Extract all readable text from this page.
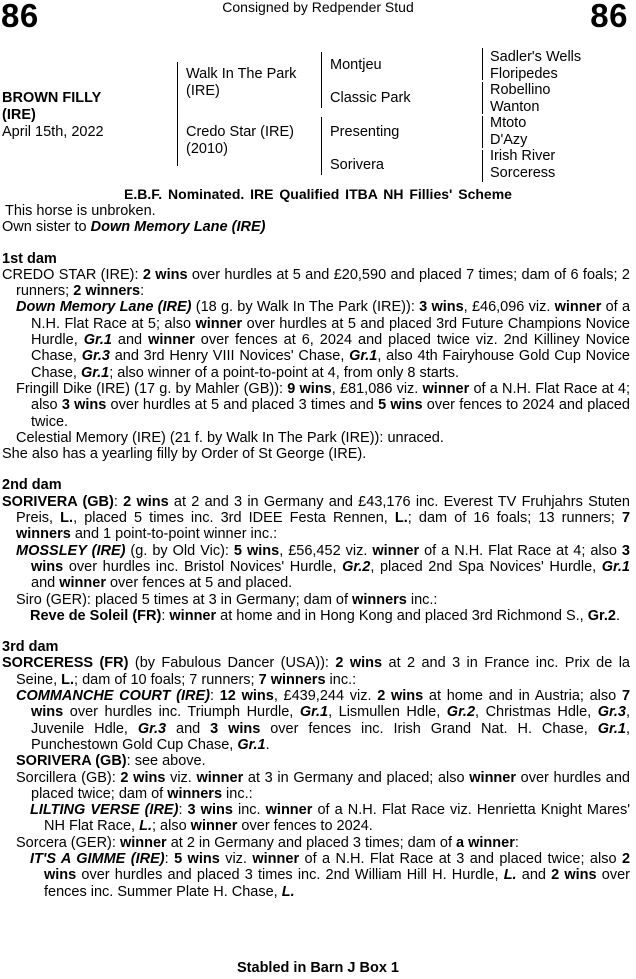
86	Consigned by Redpender Stud	86
BROWN FILLY
(IRE)
April 15th, 2022
Walk In The Park
(IRE)
Credo Star (IRE)
(2010)
Montjeu
Classic Park
Presenting
Sorivera
Sadler's Wells
Floripedes
Robellino
Wanton
Mtoto
D'Azy
Irish River
Sorceress
E.B.F. Nominated. IRE Qualified ITBA NH Fillies' Scheme

This horse is unbroken.

Own sister to Down Memory Lane (IRE)

1st dam

CREDO STAR (IRE): 2 wins over hurdles at 5 and £20,590 and placed 7 times; dam of 6 foals; 2 runners; 2 winners:

Down Memory Lane (IRE) (18 g. by Walk In The Park (IRE)): 3 wins, £46,096 viz. winner of a N.H. Flat Race at 5; also winner over hurdles at 5 and placed 3rd Future Champions Novice Hurdle, Gr.1 and winner over fences at 6, 2024 and placed twice viz. 2nd Killiney Novice Chase, Gr.3 and 3rd Henry VIII Novices' Chase, Gr.1, also 4th Fairyhouse Gold Cup Novice Chase, Gr.1; also winner of a point-to-point at 4, from only 8 starts.

Fringill Dike (IRE) (17 g. by Mahler (GB)): 9 wins, £81,086 viz. winner of a N.H. Flat Race at 4; also 3 wins over hurdles at 5 and placed 3 times and 5 wins over fences to 2024 and placed twice.

Celestial Memory (IRE) (21 f. by Walk In The Park (IRE)): unraced.

She also has a yearling filly by Order of St George (IRE).

2nd dam

SORIVERA (GB): 2 wins at 2 and 3 in Germany and £43,176 inc. Everest TV Fruhjahrs Stuten Preis, L., placed 5 times inc. 3rd IDEE Festa Rennen, L.; dam of 16 foals; 13 runners; 7 winners and 1 point-to-point winner inc.:

MOSSLEY (IRE) (g. by Old Vic): 5 wins, £56,452 viz. winner of a N.H. Flat Race at 4; also 3 wins over hurdles inc. Bristol Novices' Hurdle, Gr.2, placed 2nd Spa Novices' Hurdle, Gr.1 and winner over fences at 5 and placed.

Siro (GER): placed 5 times at 3 in Germany; dam of winners inc.:

Reve de Soleil (FR): winner at home and in Hong Kong and placed 3rd Richmond S., Gr.2.

3rd dam

SORCERESS (FR) (by Fabulous Dancer (USA)): 2 wins at 2 and 3 in France inc. Prix de la Seine, L.; dam of 10 foals; 7 runners; 7 winners inc.:

COMMANCHE COURT (IRE): 12 wins, £439,244 viz. 2 wins at home and in Austria; also 7 wins over hurdles inc. Triumph Hurdle, Gr.1, Lismullen Hdle, Gr.2, Christmas Hdle, Gr.3, Juvenile Hdle, Gr.3 and 3 wins over fences inc. Irish Grand Nat. H. Chase, Gr.1, Punchestown Gold Cup Chase, Gr.1.

SORIVERA (GB): see above.

Sorcillera (GB): 2 wins viz. winner at 3 in Germany and placed; also winner over hurdles and placed twice; dam of winners inc.:

LILTING VERSE (IRE): 3 wins inc. winner of a N.H. Flat Race viz. Henrietta Knight Mares' NH Flat Race, L.; also winner over fences to 2024.

Sorcera (GER): winner at 2 in Germany and placed 3 times; dam of a winner:

IT'S A GIMME (IRE): 5 wins viz. winner of a N.H. Flat Race at 3 and placed twice; also 2 wins over hurdles and placed 3 times inc. 2nd William Hill H. Hurdle, L. and 2 wins over fences inc. Summer Plate H. Chase, L.

Stabled in Barn J Box 1
